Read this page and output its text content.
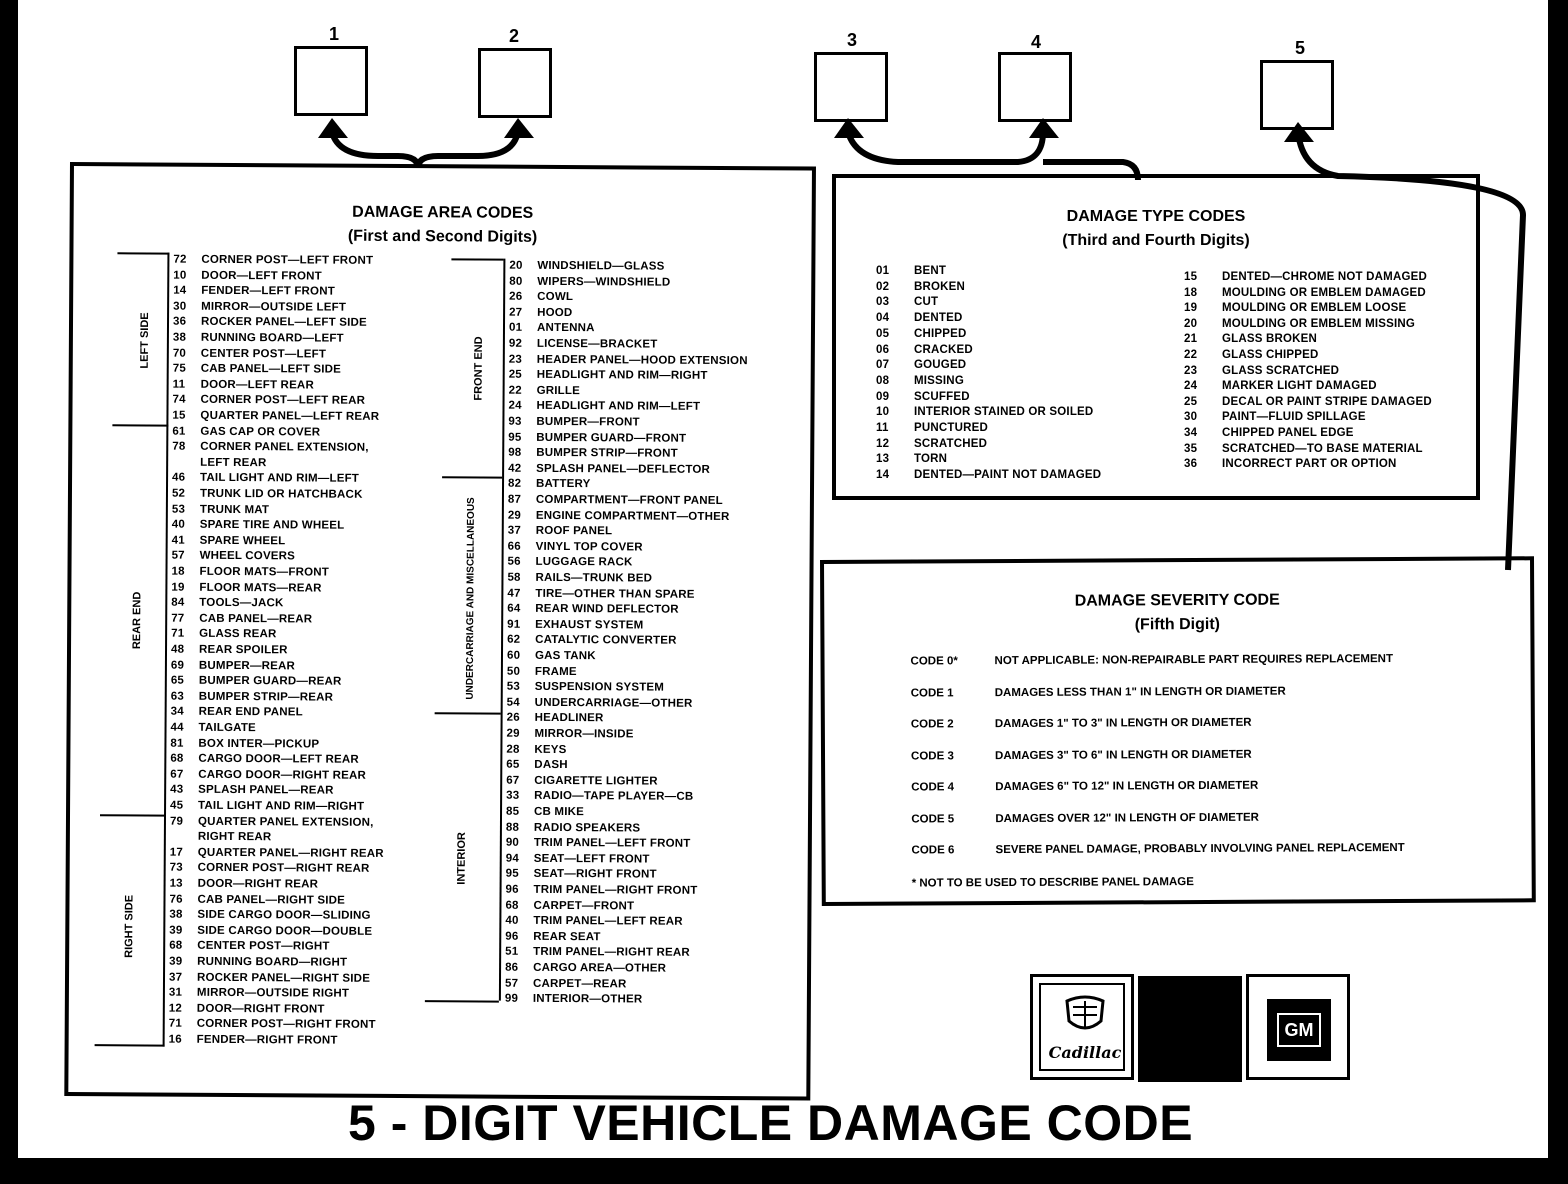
1	2	3	4	5
DAMAGE AREA CODES
(First and Second Digits)
LEFT SIDE
REAR END
RIGHT SIDE
FRONT END
UNDERCARRIAGE AND MISCELLANEOUS
INTERIOR
72 CORNER POST—LEFT FRONT
10 DOOR—LEFT FRONT
14 FENDER—LEFT FRONT
30 MIRROR—OUTSIDE LEFT
36 ROCKER PANEL—LEFT SIDE
38 RUNNING BOARD—LEFT
70 CENTER POST—LEFT
75 CAB PANEL—LEFT SIDE
11 DOOR—LEFT REAR
74 CORNER POST—LEFT REAR
15 QUARTER PANEL—LEFT REAR
61 GAS CAP OR COVER
78 CORNER PANEL EXTENSION,
LEFT REAR
46 TAIL LIGHT AND RIM—LEFT
52 TRUNK LID OR HATCHBACK
53 TRUNK MAT
40 SPARE TIRE AND WHEEL
41 SPARE WHEEL
57 WHEEL COVERS
18 FLOOR MATS—FRONT
19 FLOOR MATS—REAR
84 TOOLS—JACK
77 CAB PANEL—REAR
71 GLASS REAR
48 REAR SPOILER
69 BUMPER—REAR
65 BUMPER GUARD—REAR
63 BUMPER STRIP—REAR
34 REAR END PANEL
44 TAILGATE
81 BOX INTER—PICKUP
68 CARGO DOOR—LEFT REAR
67 CARGO DOOR—RIGHT REAR
43 SPLASH PANEL—REAR
45 TAIL LIGHT AND RIM—RIGHT
79 QUARTER PANEL EXTENSION,
RIGHT REAR
17 QUARTER PANEL—RIGHT REAR
73 CORNER POST—RIGHT REAR
13 DOOR—RIGHT REAR
76 CAB PANEL—RIGHT SIDE
38 SIDE CARGO DOOR—SLIDING
39 SIDE CARGO DOOR—DOUBLE
68 CENTER POST—RIGHT
39 RUNNING BOARD—RIGHT
37 ROCKER PANEL—RIGHT SIDE
31 MIRROR—OUTSIDE RIGHT
12 DOOR—RIGHT FRONT
71 CORNER POST—RIGHT FRONT
16 FENDER—RIGHT FRONT
20 WINDSHIELD—GLASS
80 WIPERS—WINDSHIELD
26 COWL
27 HOOD
01 ANTENNA
92 LICENSE—BRACKET
23 HEADER PANEL—HOOD EXTENSION
25 HEADLIGHT AND RIM—RIGHT
22 GRILLE
24 HEADLIGHT AND RIM—LEFT
93 BUMPER—FRONT
95 BUMPER GUARD—FRONT
98 BUMPER STRIP—FRONT
42 SPLASH PANEL—DEFLECTOR
82 BATTERY
87 COMPARTMENT—FRONT PANEL
29 ENGINE COMPARTMENT—OTHER
37 ROOF PANEL
66 VINYL TOP COVER
56 LUGGAGE RACK
58 RAILS—TRUNK BED
47 TIRE—OTHER THAN SPARE
64 REAR WIND DEFLECTOR
91 EXHAUST SYSTEM
62 CATALYTIC CONVERTER
60 GAS TANK
50 FRAME
53 SUSPENSION SYSTEM
54 UNDERCARRIAGE—OTHER
26 HEADLINER
29 MIRROR—INSIDE
28 KEYS
65 DASH
67 CIGARETTE LIGHTER
33 RADIO—TAPE PLAYER—CB
85 CB MIKE
88 RADIO SPEAKERS
90 TRIM PANEL—LEFT FRONT
94 SEAT—LEFT FRONT
95 SEAT—RIGHT FRONT
96 TRIM PANEL—RIGHT FRONT
68 CARPET—FRONT
40 TRIM PANEL—LEFT REAR
96 REAR SEAT
51 TRIM PANEL—RIGHT REAR
86 CARGO AREA—OTHER
57 CARPET—REAR
99 INTERIOR—OTHER
DAMAGE TYPE CODES
(Third and Fourth Digits)
01 BENT
02 BROKEN
03 CUT
04 DENTED
05 CHIPPED
06 CRACKED
07 GOUGED
08 MISSING
09 SCUFFED
10 INTERIOR STAINED OR SOILED
11 PUNCTURED
12 SCRATCHED
13 TORN
14 DENTED—PAINT NOT DAMAGED
15 DENTED—CHROME NOT DAMAGED
18 MOULDING OR EMBLEM DAMAGED
19 MOULDING OR EMBLEM LOOSE
20 MOULDING OR EMBLEM MISSING
21 GLASS BROKEN
22 GLASS CHIPPED
23 GLASS SCRATCHED
24 MARKER LIGHT DAMAGED
25 DECAL OR PAINT STRIPE DAMAGED
30 PAINT—FLUID SPILLAGE
34 CHIPPED PANEL EDGE
35 SCRATCHED—TO BASE MATERIAL
36 INCORRECT PART OR OPTION
DAMAGE SEVERITY CODE
(Fifth Digit)
CODE 0*	NOT APPLICABLE: NON-REPAIRABLE PART REQUIRES REPLACEMENT
CODE 1	DAMAGES LESS THAN 1" IN LENGTH OR DIAMETER
CODE 2	DAMAGES 1" TO 3" IN LENGTH OR DIAMETER
CODE 3	DAMAGES 3" TO 6" IN LENGTH OR DIAMETER
CODE 4	DAMAGES 6" TO 12" IN LENGTH OR DIAMETER
CODE 5	DAMAGES OVER 12" IN LENGTH OF DIAMETER
CODE 6	SEVERE PANEL DAMAGE, PROBABLY INVOLVING PANEL REPLACEMENT
* NOT TO BE USED TO DESCRIBE PANEL DAMAGE
Cadillac
GM
5 - DIGIT VEHICLE DAMAGE CODE
